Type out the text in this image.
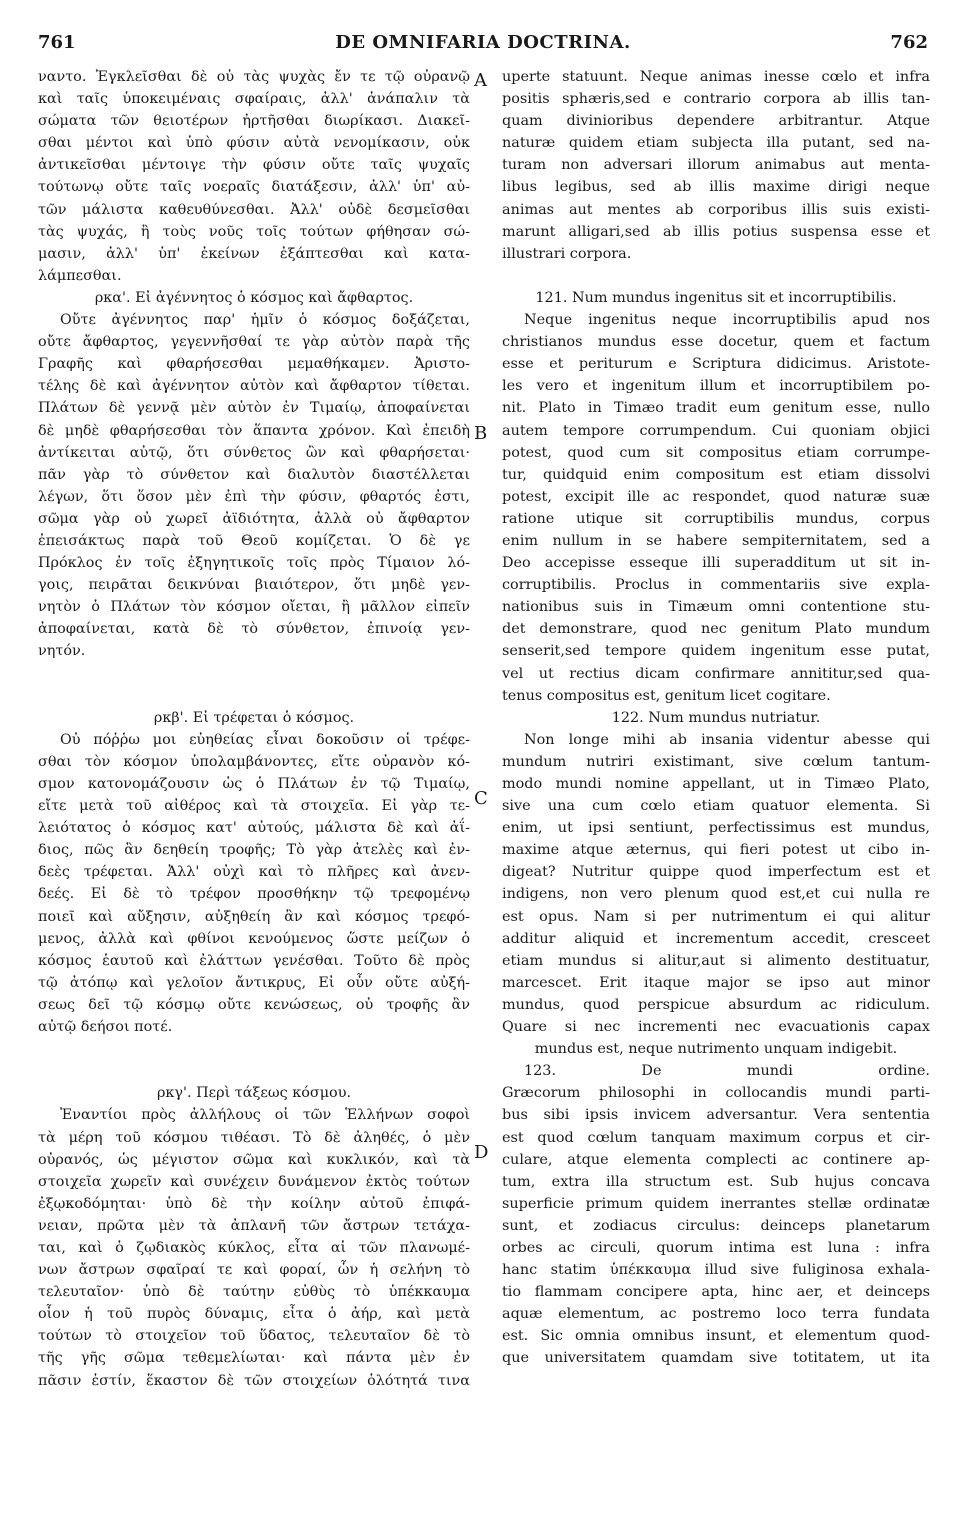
761	DE OMNIFARIA DOCTRINA.	762
ναντο. Ἐγκλεῖσθαι δὲ οὐ τὰς ψυχὰς ἔν τε τῷ οὐρανῷ
καὶ ταῖς ὑποκειμέναις σφαίραις, ἀλλ' ἀνάπαλιν τὰ
σώματα τῶν θειοτέρων ἠρτῆσθαι διωρίκασι. Διακεῖ-
σθαι μέντοι καὶ ὑπὸ φύσιν αὐτὰ νενομίκασιν, οὐκ
ἀντικεῖσθαι μέντοιγε τὴν φύσιν οὔτε ταῖς ψυχαῖς
τούτωνῳ οὔτε ταῖς νοεραῖς διατάξεσιν, ἀλλ' ὑπ' αὐ-
τῶν μάλιστα καθευθύνεσθαι. Ἀλλ' οὐδὲ δεσμεῖσθαι
τὰς ψυχάς, ἢ τοὺς νοῦς τοῖς τούτων φήθησαν σώ-
μασιν, ἀλλ' ὑπ' ἐκείνων ἐξάπτεσθαι καὶ κατα-
λάμπεσθαι.
ρκα'. Εἰ ἀγέννητος ὁ κόσμος καὶ ἄφθαρτος.
Οὔτε ἀγέννητος παρ' ἡμῖν ὁ κόσμος δοξάζεται,
οὔτε ἄφθαρτος, γεγεννῆσθαί τε γὰρ αὐτὸν παρὰ τῆς
Γραφῆς καὶ φθαρήσεσθαι μεμαθήκαμεν. Ἀριστο-
τέλης δὲ καὶ ἀγέννητον αὐτὸν καὶ ἄφθαρτον τίθεται.
Πλάτων δὲ γεννᾷ μὲν αὐτὸν ἐν Τιμαίῳ, ἀποφαίνεται
δὲ μηδὲ φθαρήσεσθαι τὸν ἅπαντα χρόνον. Καὶ ἐπειδὴ
ἀντίκειται αὐτῷ, ὅτι σύνθετος ὢν καὶ φθαρήσεται·
πᾶν γὰρ τὸ σύνθετον καὶ διαλυτὸν διαστέλλεται
λέγων, ὅτι ὅσον μὲν ἐπὶ τὴν φύσιν, φθαρτός ἐστι,
σῶμα γὰρ οὐ χωρεῖ ἀϊδιότητα, ἀλλὰ οὐ ἄφθαρτον
ἐπεισάκτως παρὰ τοῦ Θεοῦ κομίζεται. Ὁ δὲ γε
Πρόκλος ἐν τοῖς ἐξηγητικοῖς τοῖς πρὸς Τίμαιον λό-
γοις, πειρᾶται δεικνύναι βιαιότερον, ὅτι μηδὲ γεν-
νητὸν ὁ Πλάτων τὸν κόσμον οἴεται, ἢ μᾶλλον εἰπεῖν
ἀποφαίνεται, κατὰ δὲ τὸ σύνθετον, ἐπινοίᾳ γεν-
νητόν.
ρκβ'. Εἰ τρέφεται ὁ κόσμος.
Οὐ πόῤῥω μοι εὐηθείας εἶναι δοκοῦσιν οἱ τρέφε-
σθαι τὸν κόσμον ὑπολαμβάνοντες, εἴτε οὐρανὸν κό-
σμον κατονομάζουσιν ὡς ὁ Πλάτων ἐν τῷ Τιμαίῳ,
εἴτε μετὰ τοῦ αἰθέρος καὶ τὰ στοιχεῖα. Εἰ γὰρ τε-
λειότατος ὁ κόσμος κατ' αὐτούς, μάλιστα δὲ καὶ ἀΐ-
διος, πῶς ἂν δεηθείη τροφῆς; Τὸ γὰρ ἀτελὲς καὶ ἐν-
δεὲς τρέφεται. Ἀλλ' οὐχὶ καὶ τὸ πλῆρες καὶ ἀνεν-
δεές. Εἰ δὲ τὸ τρέφον προσθήκην τῷ τρεφομένῳ
ποιεῖ καὶ αὔξησιν, αὐξηθείη ἂν καὶ κόσμος τρεφό-
μενος, ἀλλὰ καὶ φθίνοι κενούμενος ὥστε μείζων ὁ
κόσμος ἑαυτοῦ καὶ ἐλάττων γενέσθαι. Τοῦτο δὲ πρὸς
τῷ ἀτόπῳ καὶ γελοῖον ἄντικρυς, Εἰ οὖν οὔτε αὐξή-
σεως δεῖ τῷ κόσμῳ οὔτε κενώσεως, οὐ τροφῆς ἂν
αὐτῷ δεήσοι ποτέ.
ρκγ'. Περὶ τάξεως κόσμου.
Ἐναντίοι πρὸς ἀλλήλους οἱ τῶν Ἑλλήνων σοφοὶ
τὰ μέρη τοῦ κόσμου τιθέασι. Τὸ δὲ ἀληθές, ὁ μὲν
οὐρανός, ὡς μέγιστον σῶμα καὶ κυκλικόν, καὶ τὰ
στοιχεῖα χωρεῖν καὶ συνέχειν δυνάμενον ἐκτὸς τούτων
ἐξῳκοδόμηται· ὑπὸ δὲ τὴν κοίλην αὐτοῦ ἐπιφά-
νειαν, πρῶτα μὲν τὰ ἀπλανῆ τῶν ἄστρων τετάχα-
ται, καὶ ὁ ζῳδιακὸς κύκλος, εἶτα αἱ τῶν πλανωμέ-
νων ἄστρων σφαῖραί τε καὶ φοραί, ὧν ἡ σελήνη τὸ
τελευταῖον· ὑπὸ δὲ ταύτην εὐθὺς τὸ ὑπέκκαυμα
οἷον ἡ τοῦ πυρὸς δύναμις, εἶτα ὁ ἀήρ, καὶ μετὰ
τούτων τὸ στοιχεῖον τοῦ ὕδατος, τελευταῖον δὲ τὸ
τῆς γῆς σῶμα τεθεμελίωται· καὶ πάντα μὲν ἐν
πᾶσιν ἐστίν, ἕκαστον δὲ τῶν στοιχείων ὁλότητά τινα
uperte statuunt. Neque animas inesse cœlo et infra
positis sphæris,sed e contrario corpora ab illis tan-
quam divinioribus dependere arbitrantur. Atque
naturæ quidem etiam subjecta illa putant, sed na-
turam non adversari illorum animabus aut menta-
libus legibus, sed ab illis maxime dirigi neque
animas aut mentes ab corporibus illis suis existi-
marunt alligari,sed ab illis potius suspensa esse et
illustrari corpora.
121. Num mundus ingenitus sit et incorruptibilis.
Neque ingenitus neque incorruptibilis apud nos
christianos mundus esse docetur, quem et factum
esse et periturum e Scriptura didicimus. Aristote-
les vero et ingenitum illum et incorruptibilem po-
nit. Plato in Timæo tradit eum genitum esse, nullo
autem tempore corrumpendum. Cui quoniam objici
potest, quod cum sit compositus etiam corrumpe-
tur, quidquid enim compositum est etiam dissolvi
potest, excipit ille ac respondet, quod naturæ suæ
ratione utique sit corruptibilis mundus, corpus
enim nullum in se habere sempiternitatem, sed a
Deo accepisse esseque illi superadditum ut sit in-
corruptibilis. Proclus in commentariis sive expla-
nationibus suis in Timæum omni contentione stu-
det demonstrare, quod nec genitum Plato mundum
senserit,sed tempore quidem ingenitum esse putat,
vel ut rectius dicam confirmare annititur,sed qua-
tenus compositus est, genitum licet cogitare.
122. Num mundus nutriatur.
Non longe mihi ab insania videntur abesse qui
mundum nutriri existimant, sive cœlum tantum-
modo mundi nomine appellant, ut in Timæo Plato,
sive una cum cœlo etiam quatuor elementa. Si
enim, ut ipsi sentiunt, perfectissimus est mundus,
maxime atque æternus, qui fieri potest ut cibo in-
digeat? Nutritur quippe quod imperfectum est et
indigens, non vero plenum quod est,et cui nulla re
est opus. Nam si per nutrimentum ei qui alitur
additur aliquid et incrementum accedit, cresceet
etiam mundus si alitur,aut si alimento destituatur,
marcescet. Erit itaque major se ipso aut minor
mundus, quod perspicue absurdum ac ridiculum.
Quare si nec incrementi nec evacuationis capax
mundus est, neque nutrimento unquam indigebit.
123. De mundi ordine.
Græcorum philosophi in collocandis mundi parti-
bus sibi ipsis invicem adversantur. Vera sententia
est quod cœlum tanquam maximum corpus et cir-
culare, atque elementa complecti ac continere ap-
tum, extra illa structum est. Sub hujus concava
superficie primum quidem inerrantes stellæ ordinatæ
sunt, et zodiacus circulus: deinceps planetarum
orbes ac circuli, quorum intima est luna : infra
hanc statim ὑπέκκαυμα illud sive fuliginosa exhala-
tio flammam concipere apta, hinc aer, et deinceps
aquæ elementum, ac postremo loco terra fundata
est. Sic omnia omnibus insunt, et elementum quod-
que universitatem quamdam sive totitatem, ut ita
A
B
C
D
